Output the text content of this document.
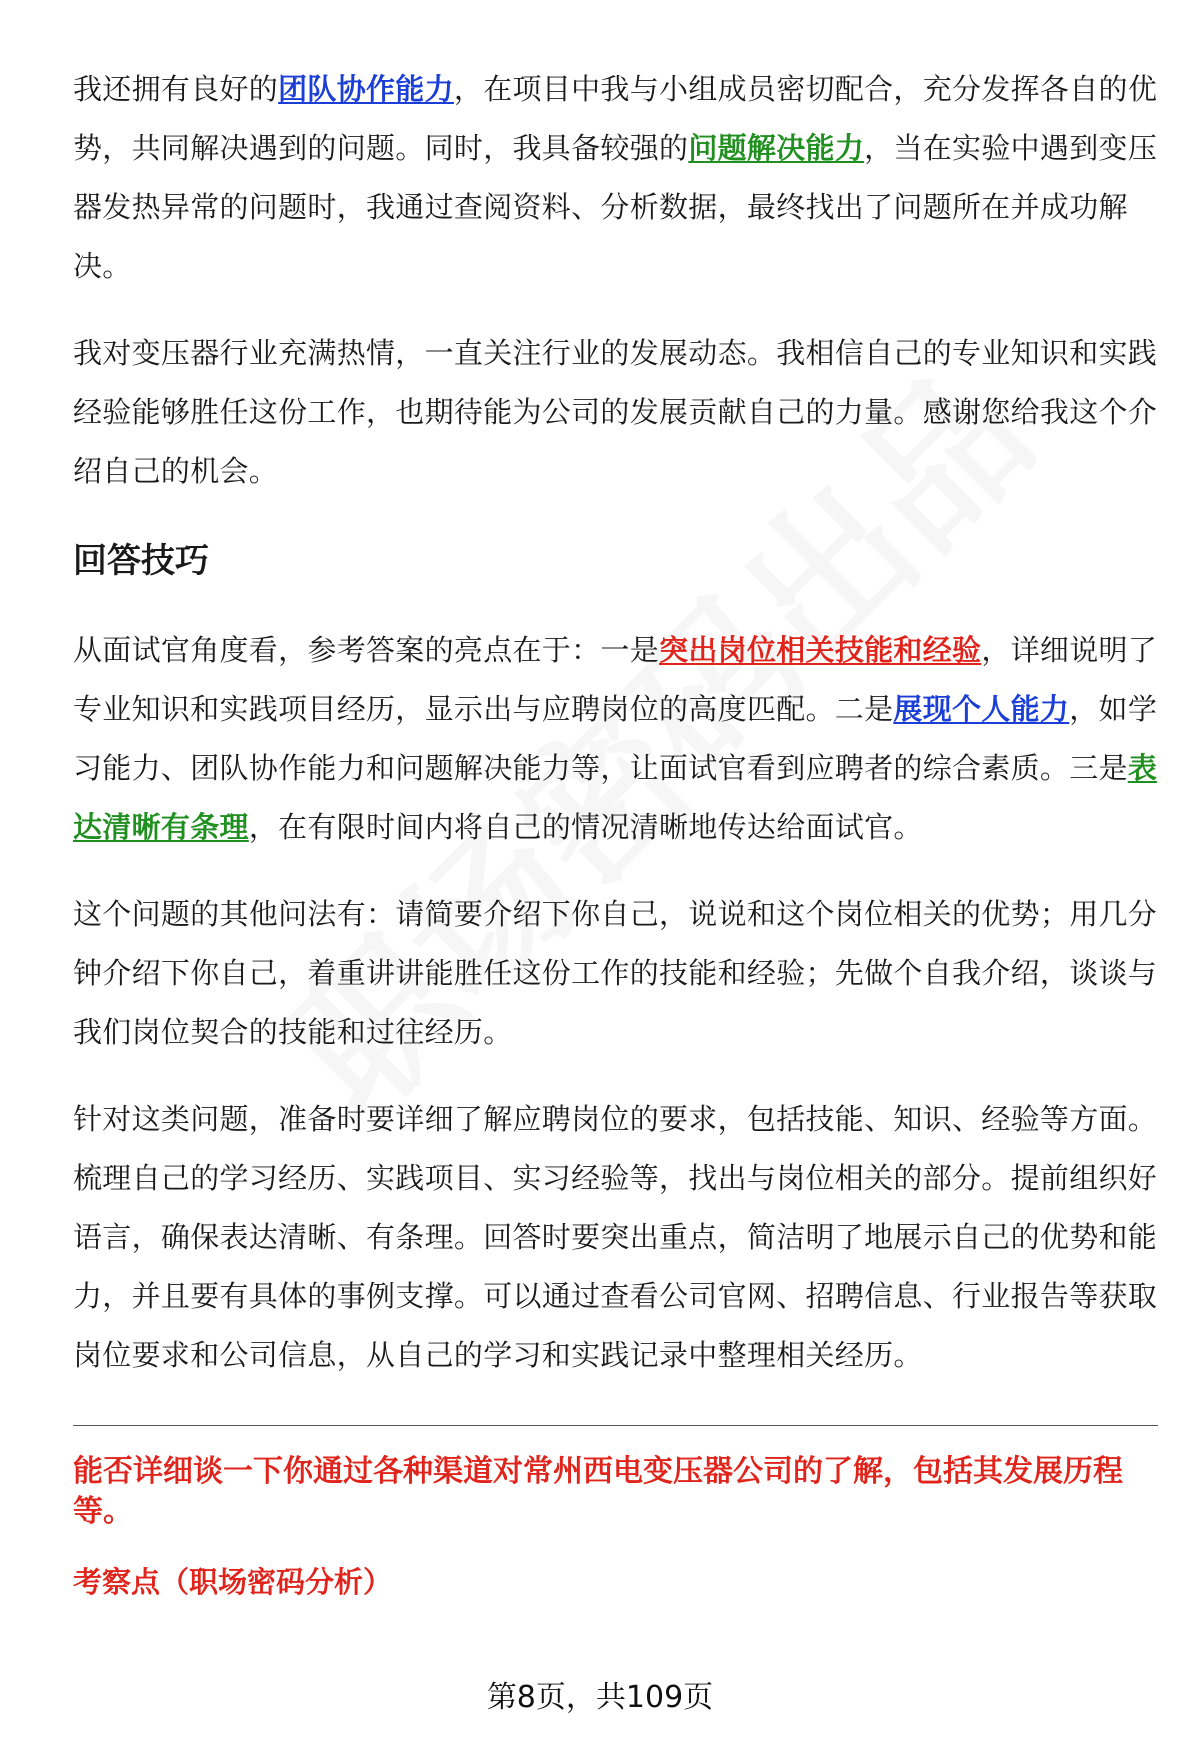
我还拥有良好的团队协作能力，在项目中我与小组成员密切配合，充分发挥各自的优势，共同解决遇到的问题。同时，我具备较强的问题解决能力，当在实验中遇到变压器发热异常的问题时，我通过查阅资料、分析数据，最终找出了问题所在并成功解决。

我对变压器行业充满热情，一直关注行业的发展动态。我相信自己的专业知识和实践经验能够胜任这份工作，也期待能为公司的发展贡献自己的力量。感谢您给我这个介绍自己的机会。

回答技巧

从面试官角度看，参考答案的亮点在于：一是突出岗位相关技能和经验，详细说明了专业知识和实践项目经历，显示出与应聘岗位的高度匹配。二是展现个人能力，如学习能力、团队协作能力和问题解决能力等，让面试官看到应聘者的综合素质。三是表达清晰有条理，在有限时间内将自己的情况清晰地传达给面试官。

这个问题的其他问法有：请简要介绍下你自己，说说和这个岗位相关的优势；用几分钟介绍下你自己，着重讲讲能胜任这份工作的技能和经验；先做个自我介绍，谈谈与我们岗位契合的技能和过往经历。

针对这类问题，准备时要详细了解应聘岗位的要求，包括技能、知识、经验等方面。梳理自己的学习经历、实践项目、实习经验等，找出与岗位相关的部分。提前组织好语言，确保表达清晰、有条理。回答时要突出重点，简洁明了地展示自己的优势和能力，并且要有具体的事例支撑。可以通过查看公司官网、招聘信息、行业报告等获取岗位要求和公司信息，从自己的学习和实践记录中整理相关经历。

能否详细谈一下你通过各种渠道对常州西电变压器公司的了解，包括其发展历程等。
考察点（职场密码分析）
第8页，共109页
